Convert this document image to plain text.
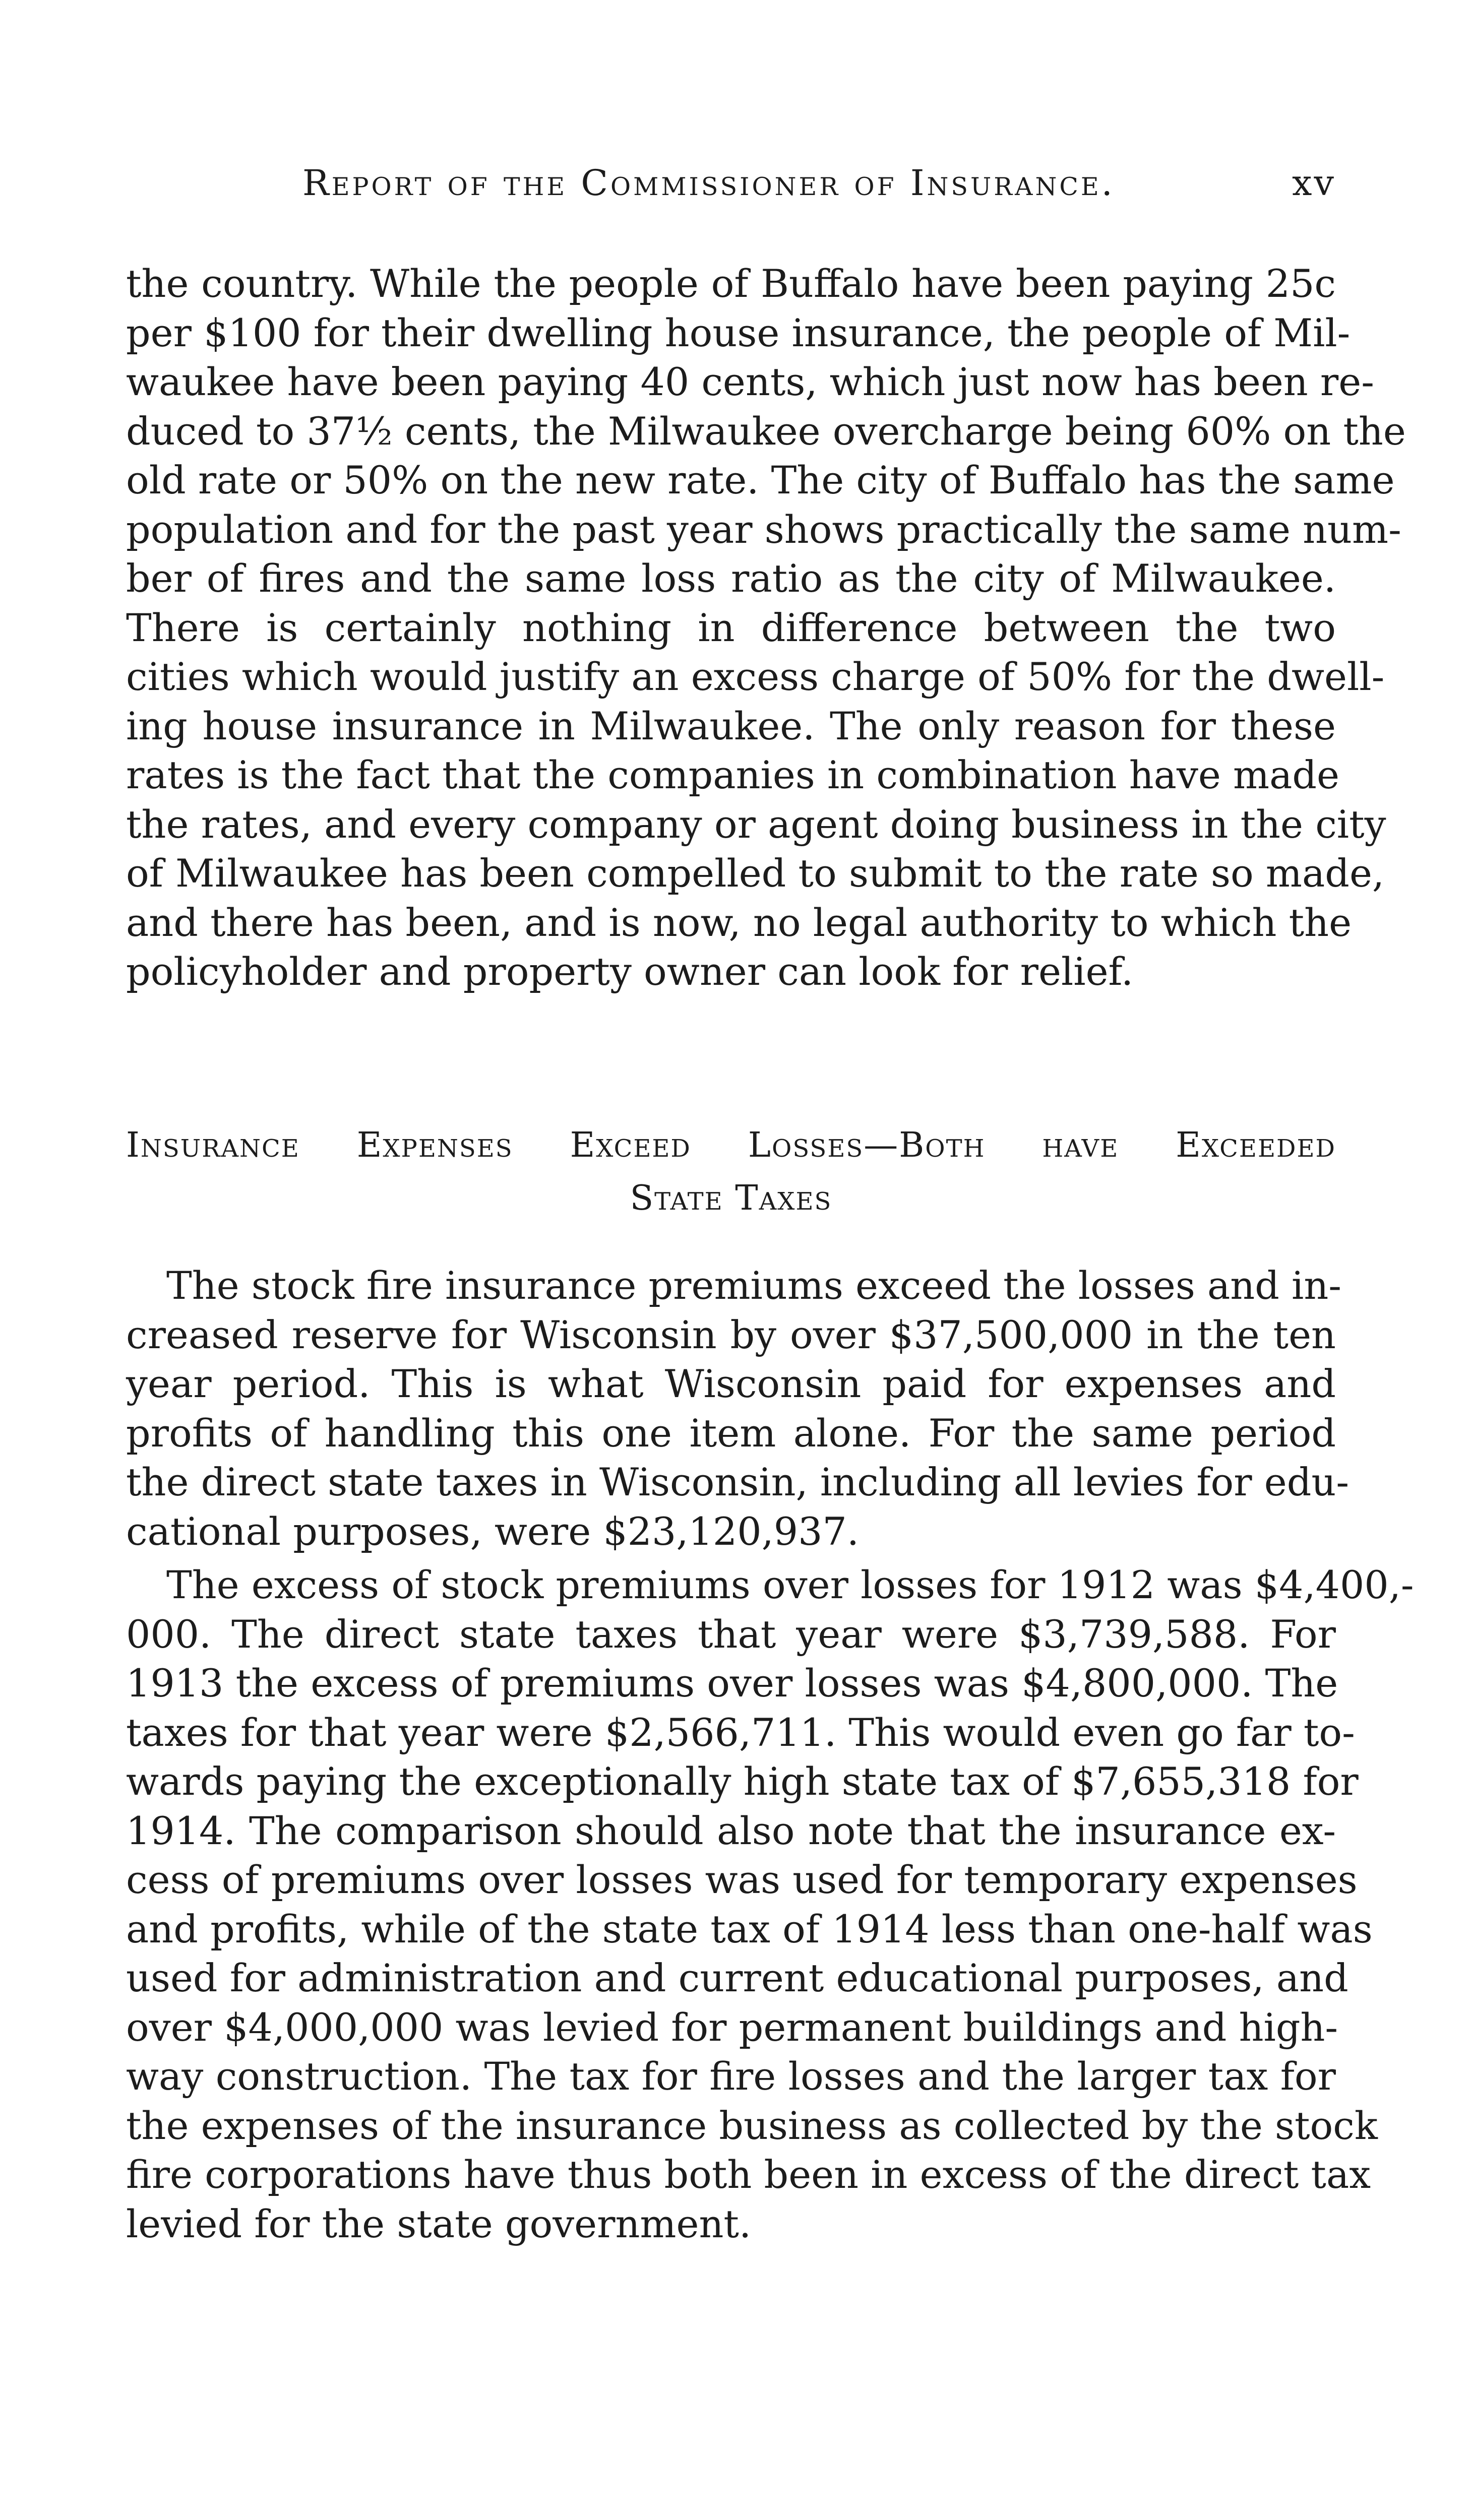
Report of the Commissioner of Insurance.	xv
the country. While the people of Buffalo have been paying 25c
per $100 for their dwelling house insurance, the people of Mil-
waukee have been paying 40 cents, which just now has been re-
duced to 37½ cents, the Milwaukee overcharge being 60% on the
old rate or 50% on the new rate. The city of Buffalo has the same
population and for the past year shows practically the same num-
ber of fires and the same loss ratio as the city of Milwaukee.
There is certainly nothing in difference between the two
cities which would justify an excess charge of 50% for the dwell-
ing house insurance in Milwaukee. The only reason for these
rates is the fact that the companies in combination have made
the rates, and every company or agent doing business in the city
of Milwaukee has been compelled to submit to the rate so made,
and there has been, and is now, no legal authority to which the
policyholder and property owner can look for relief.
Insurance Expenses Exceed Losses—Both have Exceeded
State Taxes
The stock fire insurance premiums exceed the losses and in-
creased reserve for Wisconsin by over $37,500,000 in the ten
year period. This is what Wisconsin paid for expenses and
profits of handling this one item alone. For the same period
the direct state taxes in Wisconsin, including all levies for edu-
cational purposes, were $23,120,937.
The excess of stock premiums over losses for 1912 was $4,400,-
000. The direct state taxes that year were $3,739,588. For
1913 the excess of premiums over losses was $4,800,000. The
taxes for that year were $2,566,711. This would even go far to-
wards paying the exceptionally high state tax of $7,655,318 for
1914. The comparison should also note that the insurance ex-
cess of premiums over losses was used for temporary expenses
and profits, while of the state tax of 1914 less than one-half was
used for administration and current educational purposes, and
over $4,000,000 was levied for permanent buildings and high-
way construction. The tax for fire losses and the larger tax for
the expenses of the insurance business as collected by the stock
fire corporations have thus both been in excess of the direct tax
levied for the state government.
